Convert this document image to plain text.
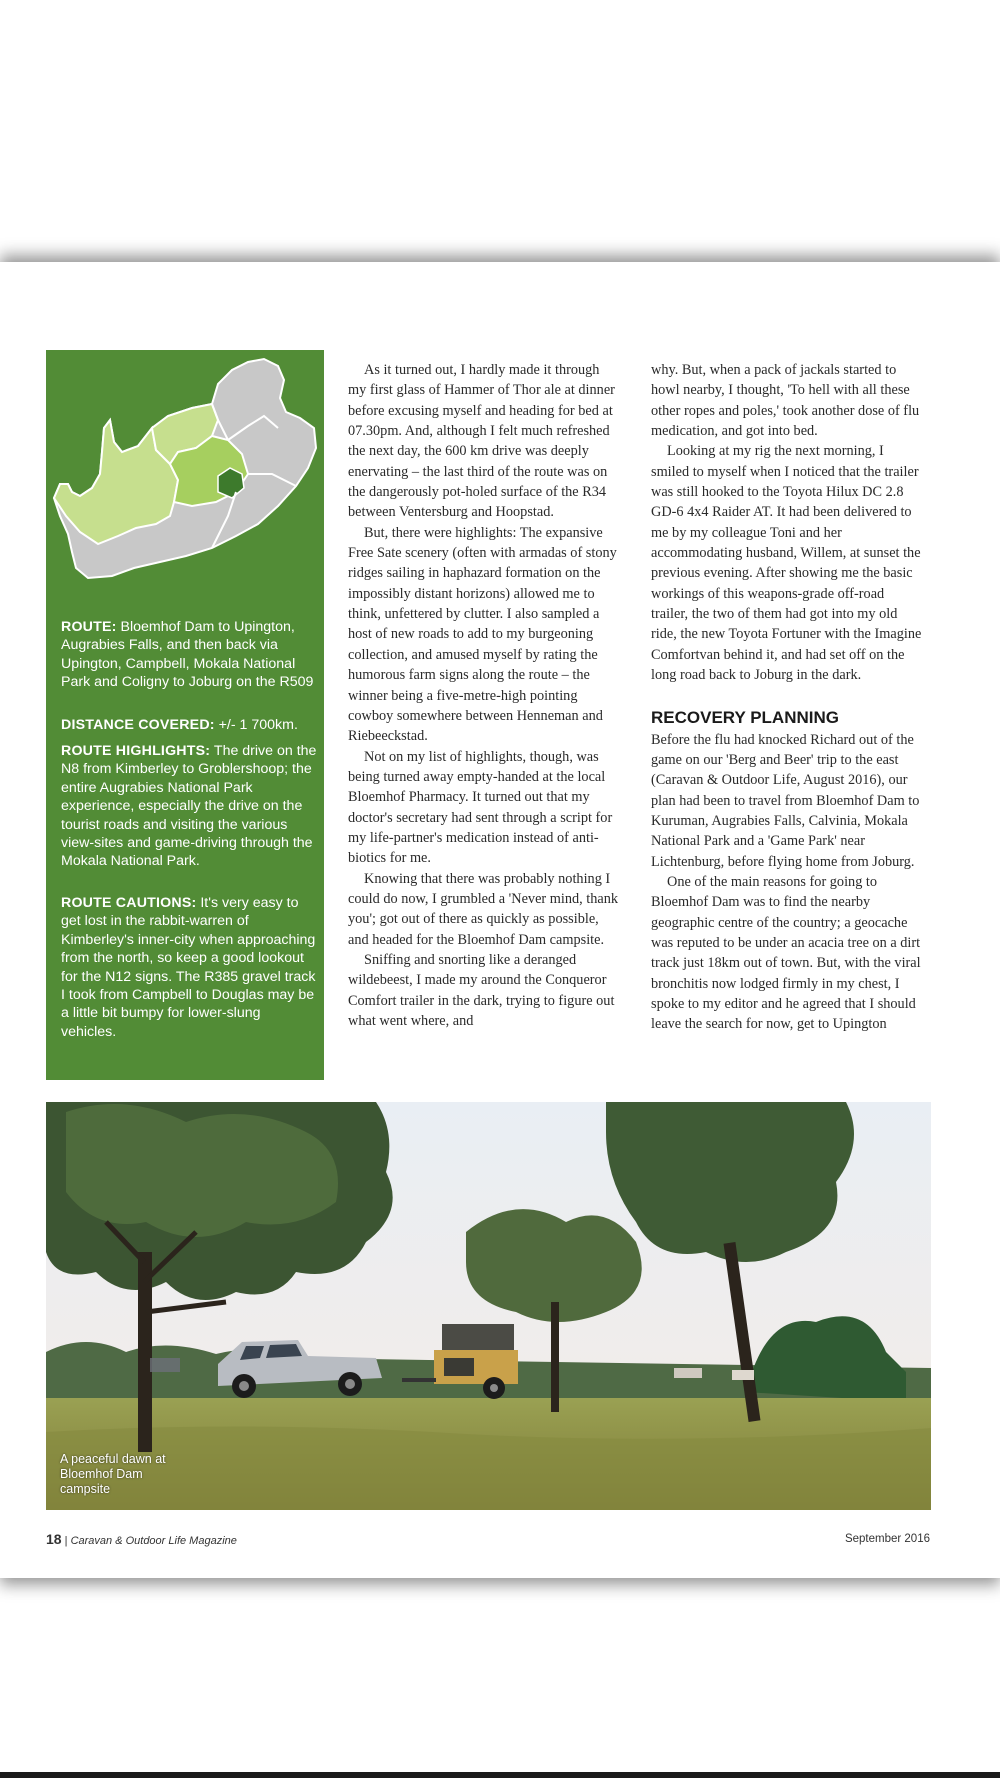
ROUTE: Bloemhof Dam to Upington, Augrabies Falls, and then back via Upington, Campbell, Mokala National Park and Coligny to Joburg on the R509
DISTANCE COVERED: +/- 1 700km.
ROUTE HIGHLIGHTS: The drive on the N8 from Kimberley to Groblershoop; the entire Augrabies National Park experience, especially the drive on the tourist roads and visiting the various view-sites and game-driving through the Mokala National Park.
ROUTE CAUTIONS: It's very easy to get lost in the rabbit-warren of Kimberley's inner-city when approaching from the north, so keep a good lookout for the N12 signs. The R385 gravel track I took from Campbell to Douglas may be a little bit bumpy for lower-slung vehicles.

As it turned out, I hardly made it through my first glass of Hammer of Thor ale at dinner before excusing myself and heading for bed at 07.30pm. And, although I felt much refreshed the next day, the 600 km drive was deeply enervating – the last third of the route was on the dangerously pot-holed surface of the R34 between Ventersburg and Hoopstad.

But, there were highlights: The expansive Free Sate scenery (often with armadas of stony ridges sailing in haphazard formation on the impossibly distant horizons) allowed me to think, unfettered by clutter. I also sampled a host of new roads to add to my burgeoning collection, and amused myself by rating the humorous farm signs along the route – the winner being a five-metre-high pointing cowboy somewhere between Henneman and Riebeeckstad.

Not on my list of highlights, though, was being turned away empty-handed at the local Bloemhof Pharmacy. It turned out that my doctor's secretary had sent through a script for my life-partner's medication instead of anti-biotics for me.

Knowing that there was probably nothing I could do now, I grumbled a 'Never mind, thank you'; got out of there as quickly as possible, and headed for the Bloemhof Dam campsite.

Sniffing and snorting like a deranged wildebeest, I made my around the Conqueror Comfort trailer in the dark, trying to figure out what went where, and

why. But, when a pack of jackals started to howl nearby, I thought, 'To hell with all these other ropes and poles,' took another dose of flu medication, and got into bed.

Looking at my rig the next morning, I smiled to myself when I noticed that the trailer was still hooked to the Toyota Hilux DC 2.8 GD-6 4x4 Raider AT. It had been delivered to me by my colleague Toni and her accommodating husband, Willem, at sunset the previous evening. After showing me the basic workings of this weapons-grade off-road trailer, the two of them had got into my old ride, the new Toyota Fortuner with the Imagine Comfortvan behind it, and had set off on the long road back to Joburg in the dark.

RECOVERY PLANNING

Before the flu had knocked Richard out of the game on our 'Berg and Beer' trip to the east (Caravan & Outdoor Life, August 2016), our plan had been to travel from Bloemhof Dam to Kuruman, Augrabies Falls, Calvinia, Mokala National Park and a 'Game Park' near Lichtenburg, before flying home from Joburg.

One of the main reasons for going to Bloemhof Dam was to find the nearby geographic centre of the country; a geocache was reputed to be under an acacia tree on a dirt track just 18km out of town. But, with the viral bronchitis now lodged firmly in my chest, I spoke to my editor and he agreed that I should leave the search for now, get to Upington

A peaceful dawn at Bloemhof Dam campsite
18 | Caravan & Outdoor Life Magazine	September 2016
